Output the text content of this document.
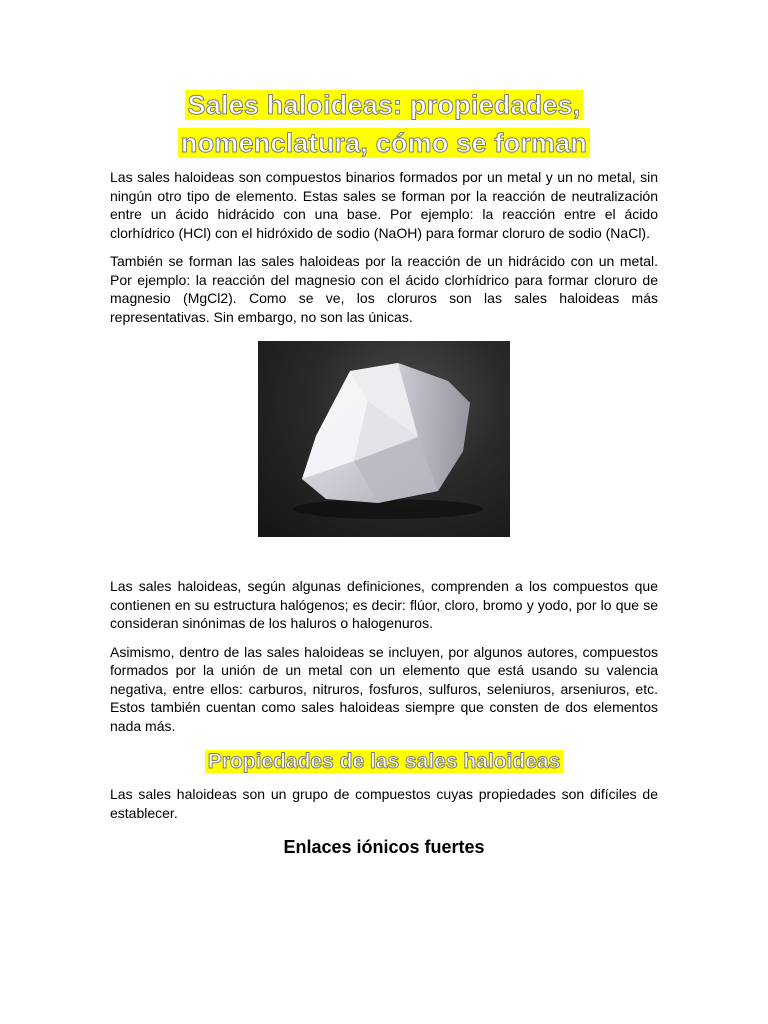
Sales haloideas: propiedades, nomenclatura, cómo se forman

Las sales haloideas son compuestos binarios formados por un metal y un no metal, sin ningún otro tipo de elemento. Estas sales se forman por la reacción de neutralización entre un ácido hidrácido con una base. Por ejemplo: la reacción entre el ácido clorhídrico (HCl) con el hidróxido de sodio (NaOH) para formar cloruro de sodio (NaCl).

También se forman las sales haloideas por la reacción de un hidrácido con un metal. Por ejemplo: la reacción del magnesio con el ácido clorhídrico para formar cloruro de magnesio (MgCl2). Como se ve, los cloruros son las sales haloideas más representativas. Sin embargo, no son las únicas.

Las sales haloideas, según algunas definiciones, comprenden a los compuestos que contienen en su estructura halógenos; es decir: flúor, cloro, bromo y yodo, por lo que se consideran sinónimas de los haluros o halogenuros.

Asimismo, dentro de las sales haloideas se incluyen, por algunos autores, compuestos formados por la unión de un metal con un elemento que está usando su valencia negativa, entre ellos: carburos, nitruros, fosfuros, sulfuros, seleniuros, arseniuros, etc. Estos también cuentan como sales haloideas siempre que consten de dos elementos nada más.

Propiedades de las sales haloideas

Las sales haloideas son un grupo de compuestos cuyas propiedades son difíciles de establecer.

Enlaces iónicos fuertes
